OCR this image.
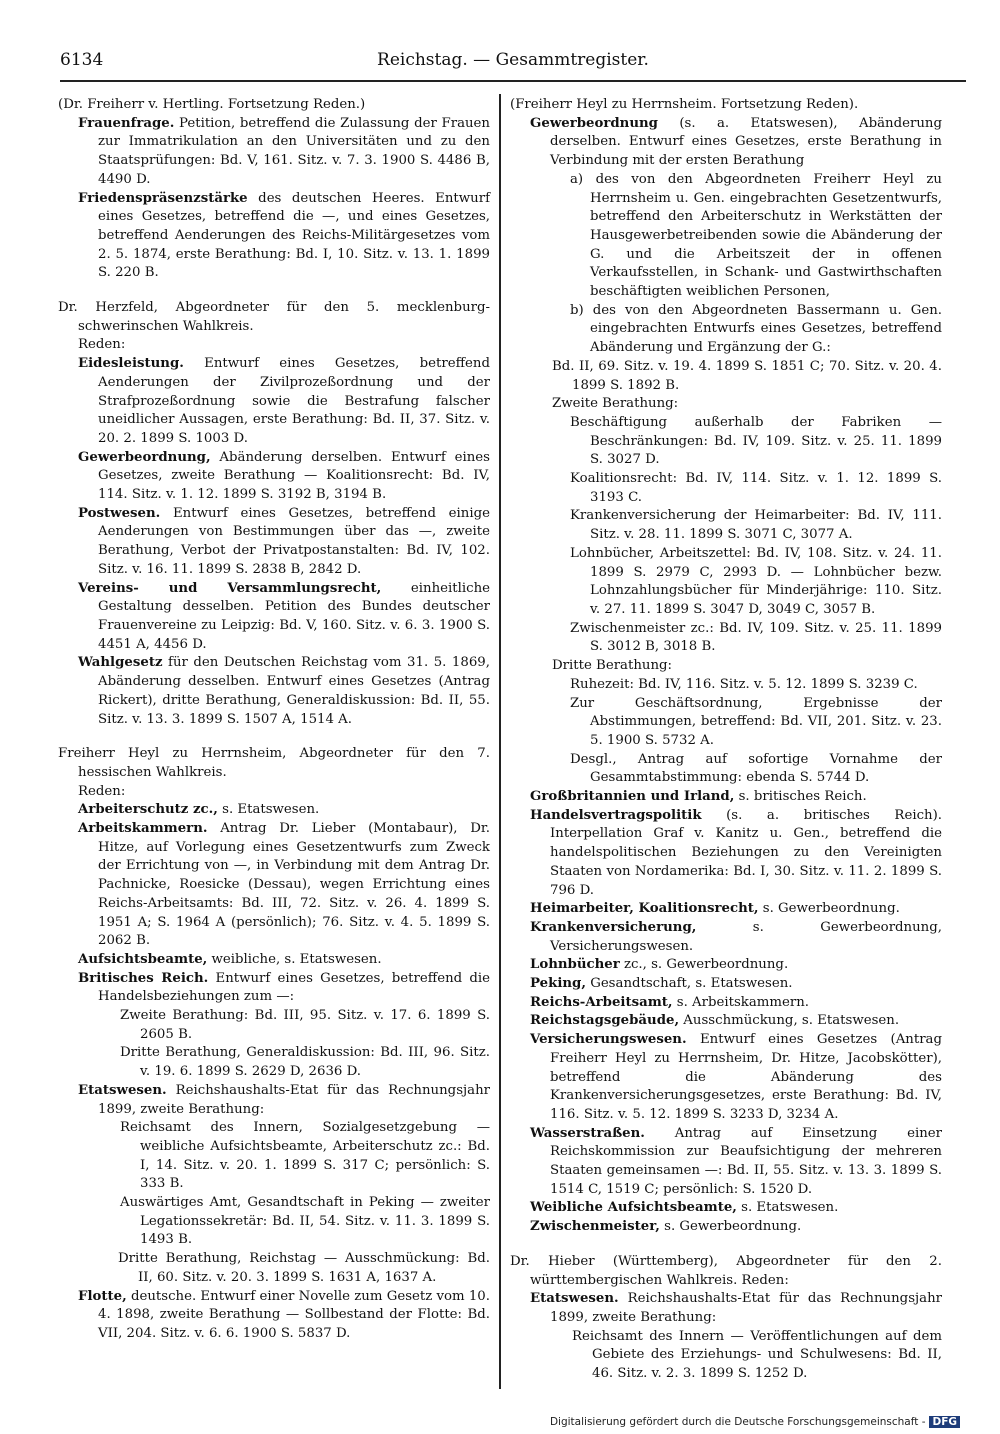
6134	Reichstag. — Gesammtregister.

(Dr. Freiherr v. Hertling. Fortsetzung Reden.)

Frauenfrage. Petition, betreffend die Zulassung der Frauen zur Immatrikulation an den Universitäten und zu den Staatsprüfungen: Bd. V, 161. Sitz. v. 7. 3. 1900 S. 4486 B, 4490 D.

Friedenspräsenzstärke des deutschen Heeres. Entwurf eines Gesetzes, betreffend die —, und eines Gesetzes, betreffend Aenderungen des Reichs-Militärgesetzes vom 2. 5. 1874, erste Berathung: Bd. I, 10. Sitz. v. 13. 1. 1899 S. 220 B.

Dr. Herzfeld, Abgeordneter für den 5. mecklenburg-schwerinschen Wahlkreis.

Reden:

Eidesleistung. Entwurf eines Gesetzes, betreffend Aenderungen der Zivilprozeßordnung und der Strafprozeßordnung sowie die Bestrafung falscher uneidlicher Aussagen, erste Berathung: Bd. II, 37. Sitz. v. 20. 2. 1899 S. 1003 D.

Gewerbeordnung, Abänderung derselben. Entwurf eines Gesetzes, zweite Berathung — Koalitionsrecht: Bd. IV, 114. Sitz. v. 1. 12. 1899 S. 3192 B, 3194 B.

Postwesen. Entwurf eines Gesetzes, betreffend einige Aenderungen von Bestimmungen über das —, zweite Berathung, Verbot der Privatpostanstalten: Bd. IV, 102. Sitz. v. 16. 11. 1899 S. 2838 B, 2842 D.

Vereins- und Versammlungsrecht, einheitliche Gestaltung desselben. Petition des Bundes deutscher Frauenvereine zu Leipzig: Bd. V, 160. Sitz. v. 6. 3. 1900 S. 4451 A, 4456 D.

Wahlgesetz für den Deutschen Reichstag vom 31. 5. 1869, Abänderung desselben. Entwurf eines Gesetzes (Antrag Rickert), dritte Berathung, Generaldiskussion: Bd. II, 55. Sitz. v. 13. 3. 1899 S. 1507 A, 1514 A.

Freiherr Heyl zu Herrnsheim, Abgeordneter für den 7. hessischen Wahlkreis.

Reden:

Arbeiterschutz zc., s. Etatswesen.

Arbeitskammern. Antrag Dr. Lieber (Montabaur), Dr. Hitze, auf Vorlegung eines Gesetzentwurfs zum Zweck der Errichtung von —, in Verbindung mit dem Antrag Dr. Pachnicke, Roesicke (Dessau), wegen Errichtung eines Reichs-Arbeitsamts: Bd. III, 72. Sitz. v. 26. 4. 1899 S. 1951 A; S. 1964 A (persönlich); 76. Sitz. v. 4. 5. 1899 S. 2062 B.

Aufsichtsbeamte, weibliche, s. Etatswesen.

Britisches Reich. Entwurf eines Gesetzes, betreffend die Handelsbeziehungen zum —:

Zweite Berathung: Bd. III, 95. Sitz. v. 17. 6. 1899 S. 2605 B.

Dritte Berathung, Generaldiskussion: Bd. III, 96. Sitz. v. 19. 6. 1899 S. 2629 D, 2636 D.

Etatswesen. Reichshaushalts-Etat für das Rechnungsjahr 1899, zweite Berathung:

Reichsamt des Innern, Sozialgesetzgebung — weibliche Aufsichtsbeamte, Arbeiterschutz zc.: Bd. I, 14. Sitz. v. 20. 1. 1899 S. 317 C; persönlich: S. 333 B.

Auswärtiges Amt, Gesandtschaft in Peking — zweiter Legationssekretär: Bd. II, 54. Sitz. v. 11. 3. 1899 S. 1493 B.

Dritte Berathung, Reichstag — Ausschmückung: Bd. II, 60. Sitz. v. 20. 3. 1899 S. 1631 A, 1637 A.

Flotte, deutsche. Entwurf einer Novelle zum Gesetz vom 10. 4. 1898, zweite Berathung — Sollbestand der Flotte: Bd. VII, 204. Sitz. v. 6. 6. 1900 S. 5837 D.

(Freiherr Heyl zu Herrnsheim. Fortsetzung Reden).

Gewerbeordnung (s. a. Etatswesen), Abänderung derselben. Entwurf eines Gesetzes, erste Berathung in Verbindung mit der ersten Berathung

a) des von den Abgeordneten Freiherr Heyl zu Herrnsheim u. Gen. eingebrachten Gesetzentwurfs, betreffend den Arbeiterschutz in Werkstätten der Hausgewerbetreibenden sowie die Abänderung der G. und die Arbeitszeit der in offenen Verkaufsstellen, in Schank- und Gastwirthschaften beschäftigten weiblichen Personen,

b) des von den Abgeordneten Bassermann u. Gen. eingebrachten Entwurfs eines Gesetzes, betreffend Abänderung und Ergänzung der G.:

Bd. II, 69. Sitz. v. 19. 4. 1899 S. 1851 C; 70. Sitz. v. 20. 4. 1899 S. 1892 B.

Zweite Berathung:

Beschäftigung außerhalb der Fabriken — Beschränkungen: Bd. IV, 109. Sitz. v. 25. 11. 1899 S. 3027 D.

Koalitionsrecht: Bd. IV, 114. Sitz. v. 1. 12. 1899 S. 3193 C.

Krankenversicherung der Heimarbeiter: Bd. IV, 111. Sitz. v. 28. 11. 1899 S. 3071 C, 3077 A.

Lohnbücher, Arbeitszettel: Bd. IV, 108. Sitz. v. 24. 11. 1899 S. 2979 C, 2993 D. — Lohnbücher bezw. Lohnzahlungsbücher für Minderjährige: 110. Sitz. v. 27. 11. 1899 S. 3047 D, 3049 C, 3057 B.

Zwischenmeister zc.: Bd. IV, 109. Sitz. v. 25. 11. 1899 S. 3012 B, 3018 B.

Dritte Berathung:

Ruhezeit: Bd. IV, 116. Sitz. v. 5. 12. 1899 S. 3239 C.

Zur Geschäftsordnung, Ergebnisse der Abstimmungen, betreffend: Bd. VII, 201. Sitz. v. 23. 5. 1900 S. 5732 A.

Desgl., Antrag auf sofortige Vornahme der Gesammtabstimmung: ebenda S. 5744 D.

Großbritannien und Irland, s. britisches Reich.

Handelsvertragspolitik (s. a. britisches Reich). Interpellation Graf v. Kanitz u. Gen., betreffend die handelspolitischen Beziehungen zu den Vereinigten Staaten von Nordamerika: Bd. I, 30. Sitz. v. 11. 2. 1899 S. 796 D.

Heimarbeiter, Koalitionsrecht, s. Gewerbeordnung.

Krankenversicherung, s. Gewerbeordnung, Versicherungswesen.

Lohnbücher zc., s. Gewerbeordnung.

Peking, Gesandtschaft, s. Etatswesen.

Reichs-Arbeitsamt, s. Arbeitskammern.

Reichstagsgebäude, Ausschmückung, s. Etatswesen.

Versicherungswesen. Entwurf eines Gesetzes (Antrag Freiherr Heyl zu Herrnsheim, Dr. Hitze, Jacobskötter), betreffend die Abänderung des Krankenversicherungsgesetzes, erste Berathung: Bd. IV, 116. Sitz. v. 5. 12. 1899 S. 3233 D, 3234 A.

Wasserstraßen. Antrag auf Einsetzung einer Reichskommission zur Beaufsichtigung der mehreren Staaten gemeinsamen —: Bd. II, 55. Sitz. v. 13. 3. 1899 S. 1514 C, 1519 C; persönlich: S. 1520 D.

Weibliche Aufsichtsbeamte, s. Etatswesen.

Zwischenmeister, s. Gewerbeordnung.

Dr. Hieber (Württemberg), Abgeordneter für den 2. württembergischen Wahlkreis. Reden:

Etatswesen. Reichshaushalts-Etat für das Rechnungsjahr 1899, zweite Berathung:

Reichsamt des Innern — Veröffentlichungen auf dem Gebiete des Erziehungs- und Schulwesens: Bd. II, 46. Sitz. v. 2. 3. 1899 S. 1252 D.

Digitalisierung gefördert durch die Deutsche Forschungsgemeinschaft - DFG
